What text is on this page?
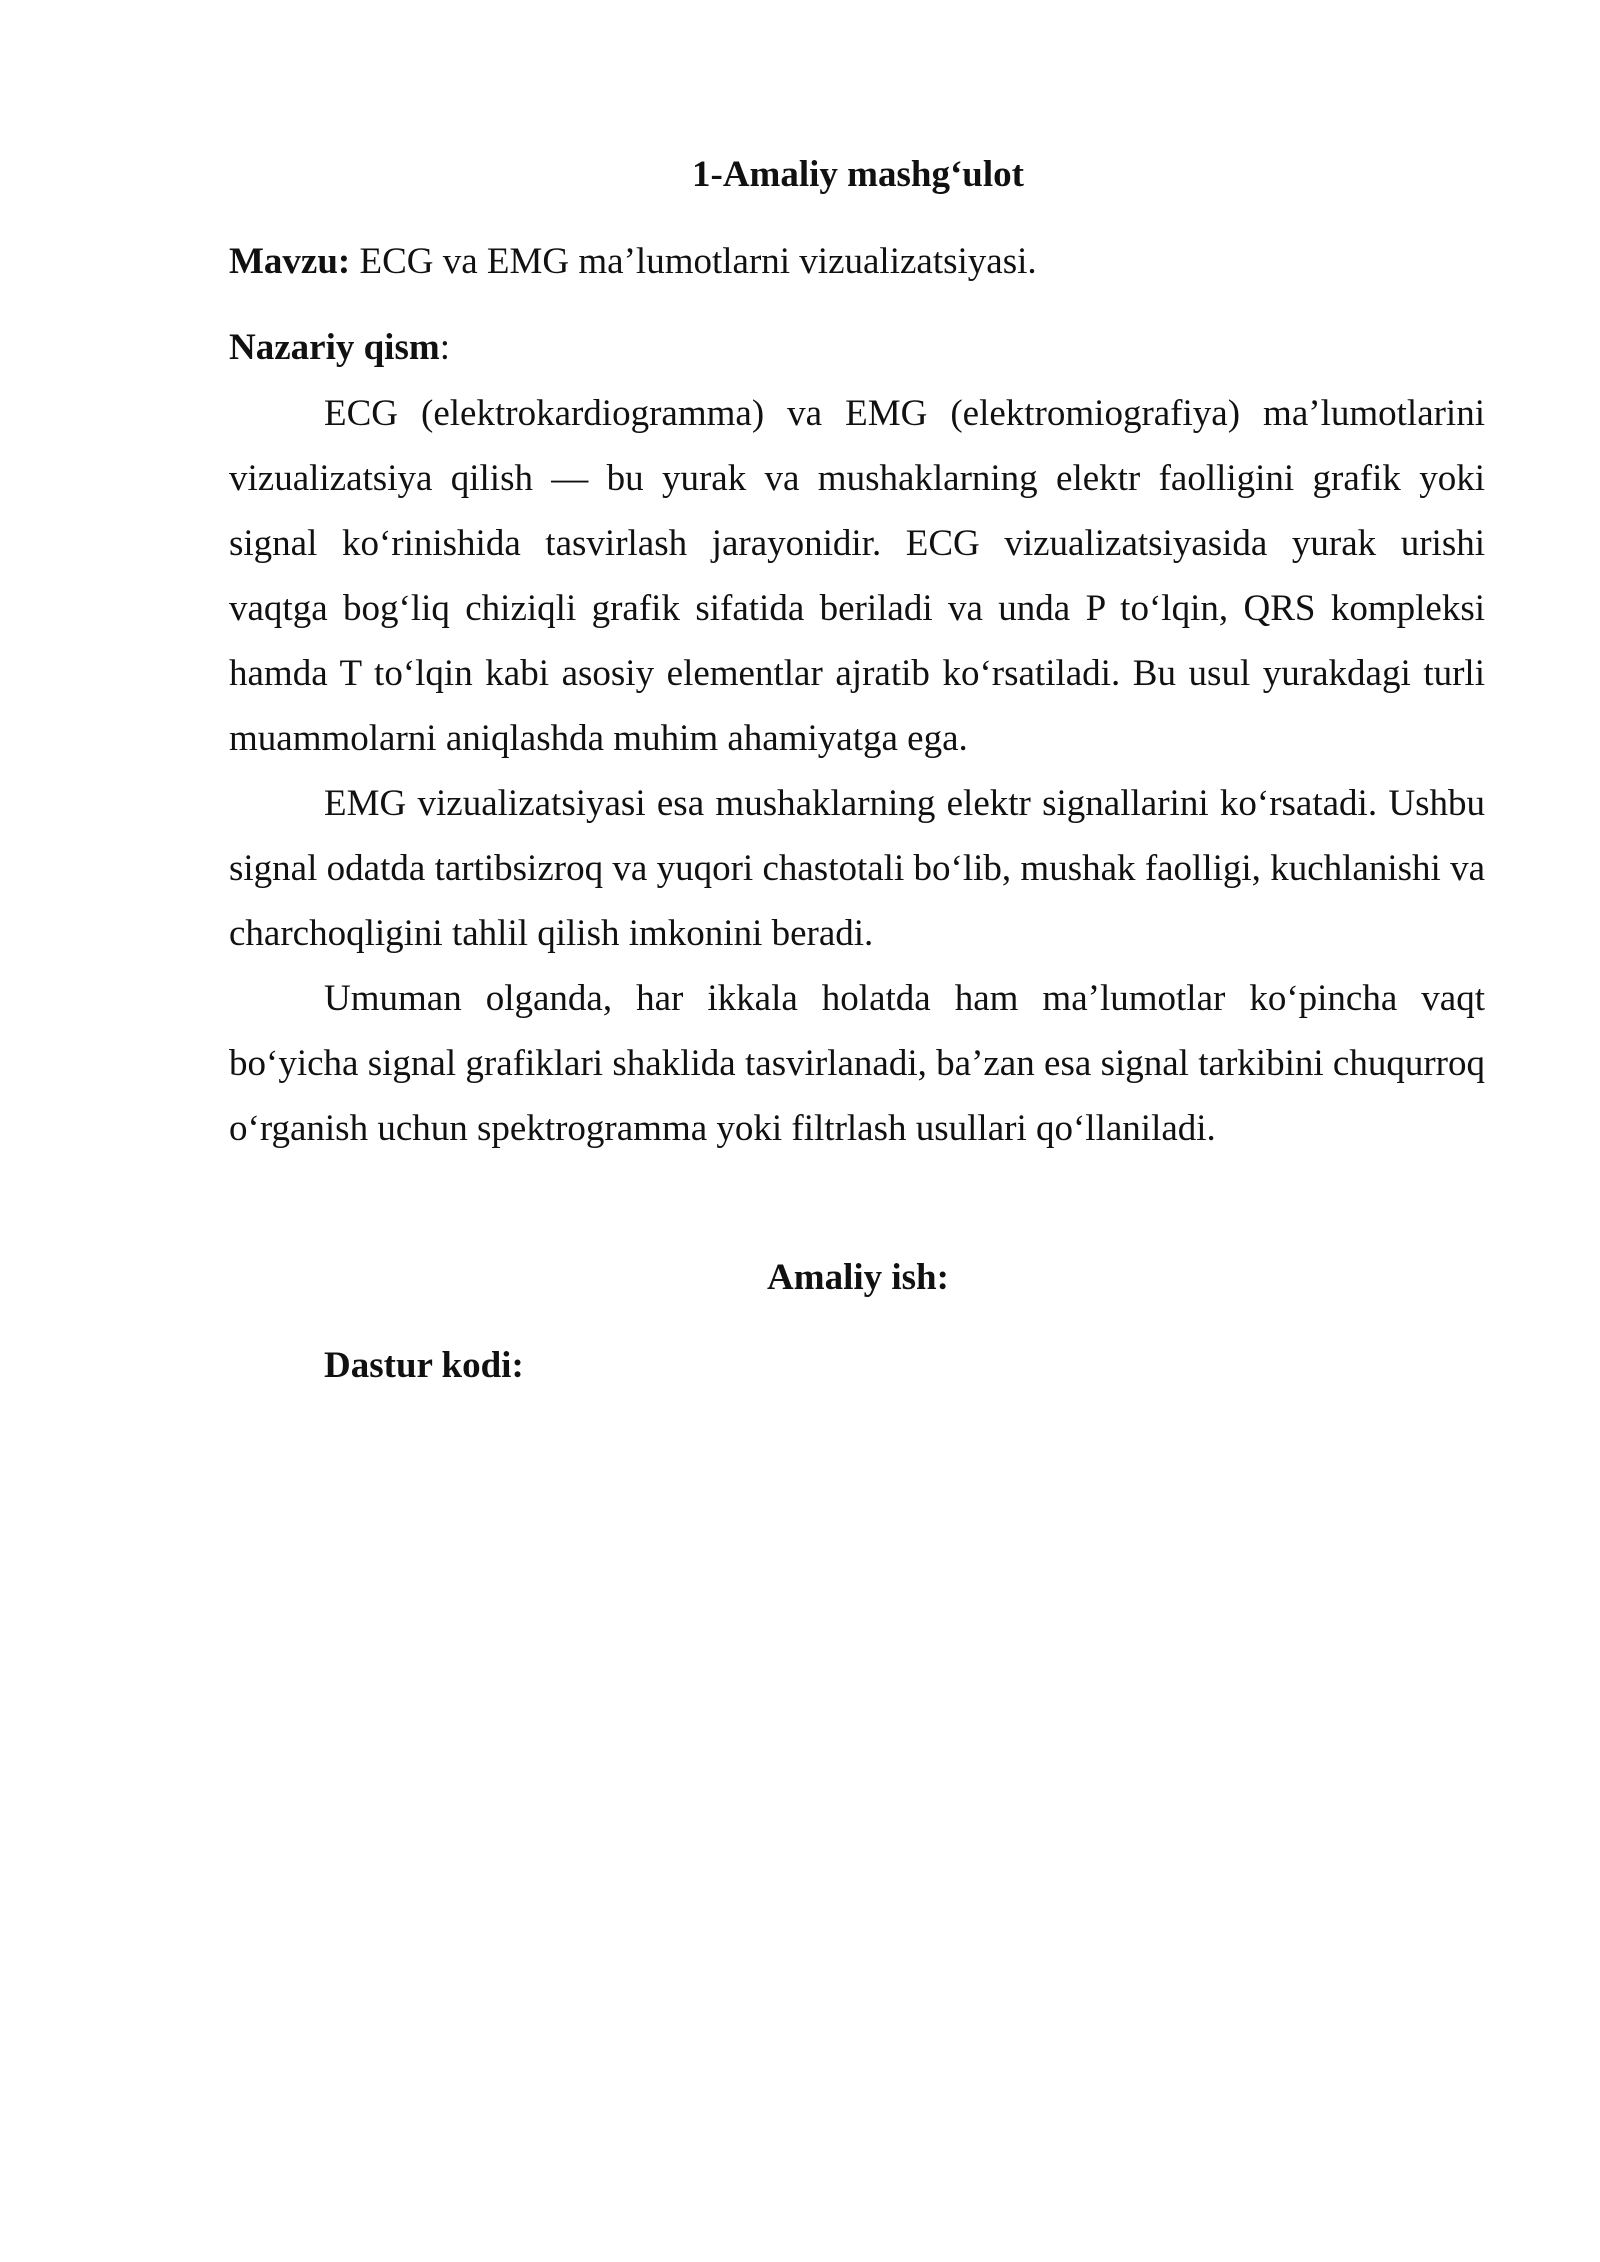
1-Amaliy mashg‘ulot
Mavzu: ECG va EMG ma’lumotlarni vizualizatsiyasi.
Nazariy qism:

ECG (elektrokardiogramma) va EMG (elektromiografiya) ma’lumotlarini vizualizatsiya qilish — bu yurak va mushaklarning elektr faolligini grafik yoki signal ko‘rinishida tasvirlash jarayonidir. ECG vizualizatsiyasida yurak urishi vaqtga bog‘liq chiziqli grafik sifatida beriladi va unda P to‘lqin, QRS kompleksi hamda T to‘lqin kabi asosiy elementlar ajratib ko‘rsatiladi. Bu usul yurakdagi turli muammolarni aniqlashda muhim ahamiyatga ega.

EMG vizualizatsiyasi esa mushaklarning elektr signallarini ko‘rsatadi. Ushbu signal odatda tartibsizroq va yuqori chastotali bo‘lib, mushak faolligi, kuchlanishi va charchoqligini tahlil qilish imkonini beradi.

Umuman olganda, har ikkala holatda ham ma’lumotlar ko‘pincha vaqt bo‘yicha signal grafiklari shaklida tasvirlanadi, ba’zan esa signal tarkibini chuqurroq o‘rganish uchun spektrogramma yoki filtrlash usullari qo‘llaniladi.

Amaliy ish:
Dastur kodi:
